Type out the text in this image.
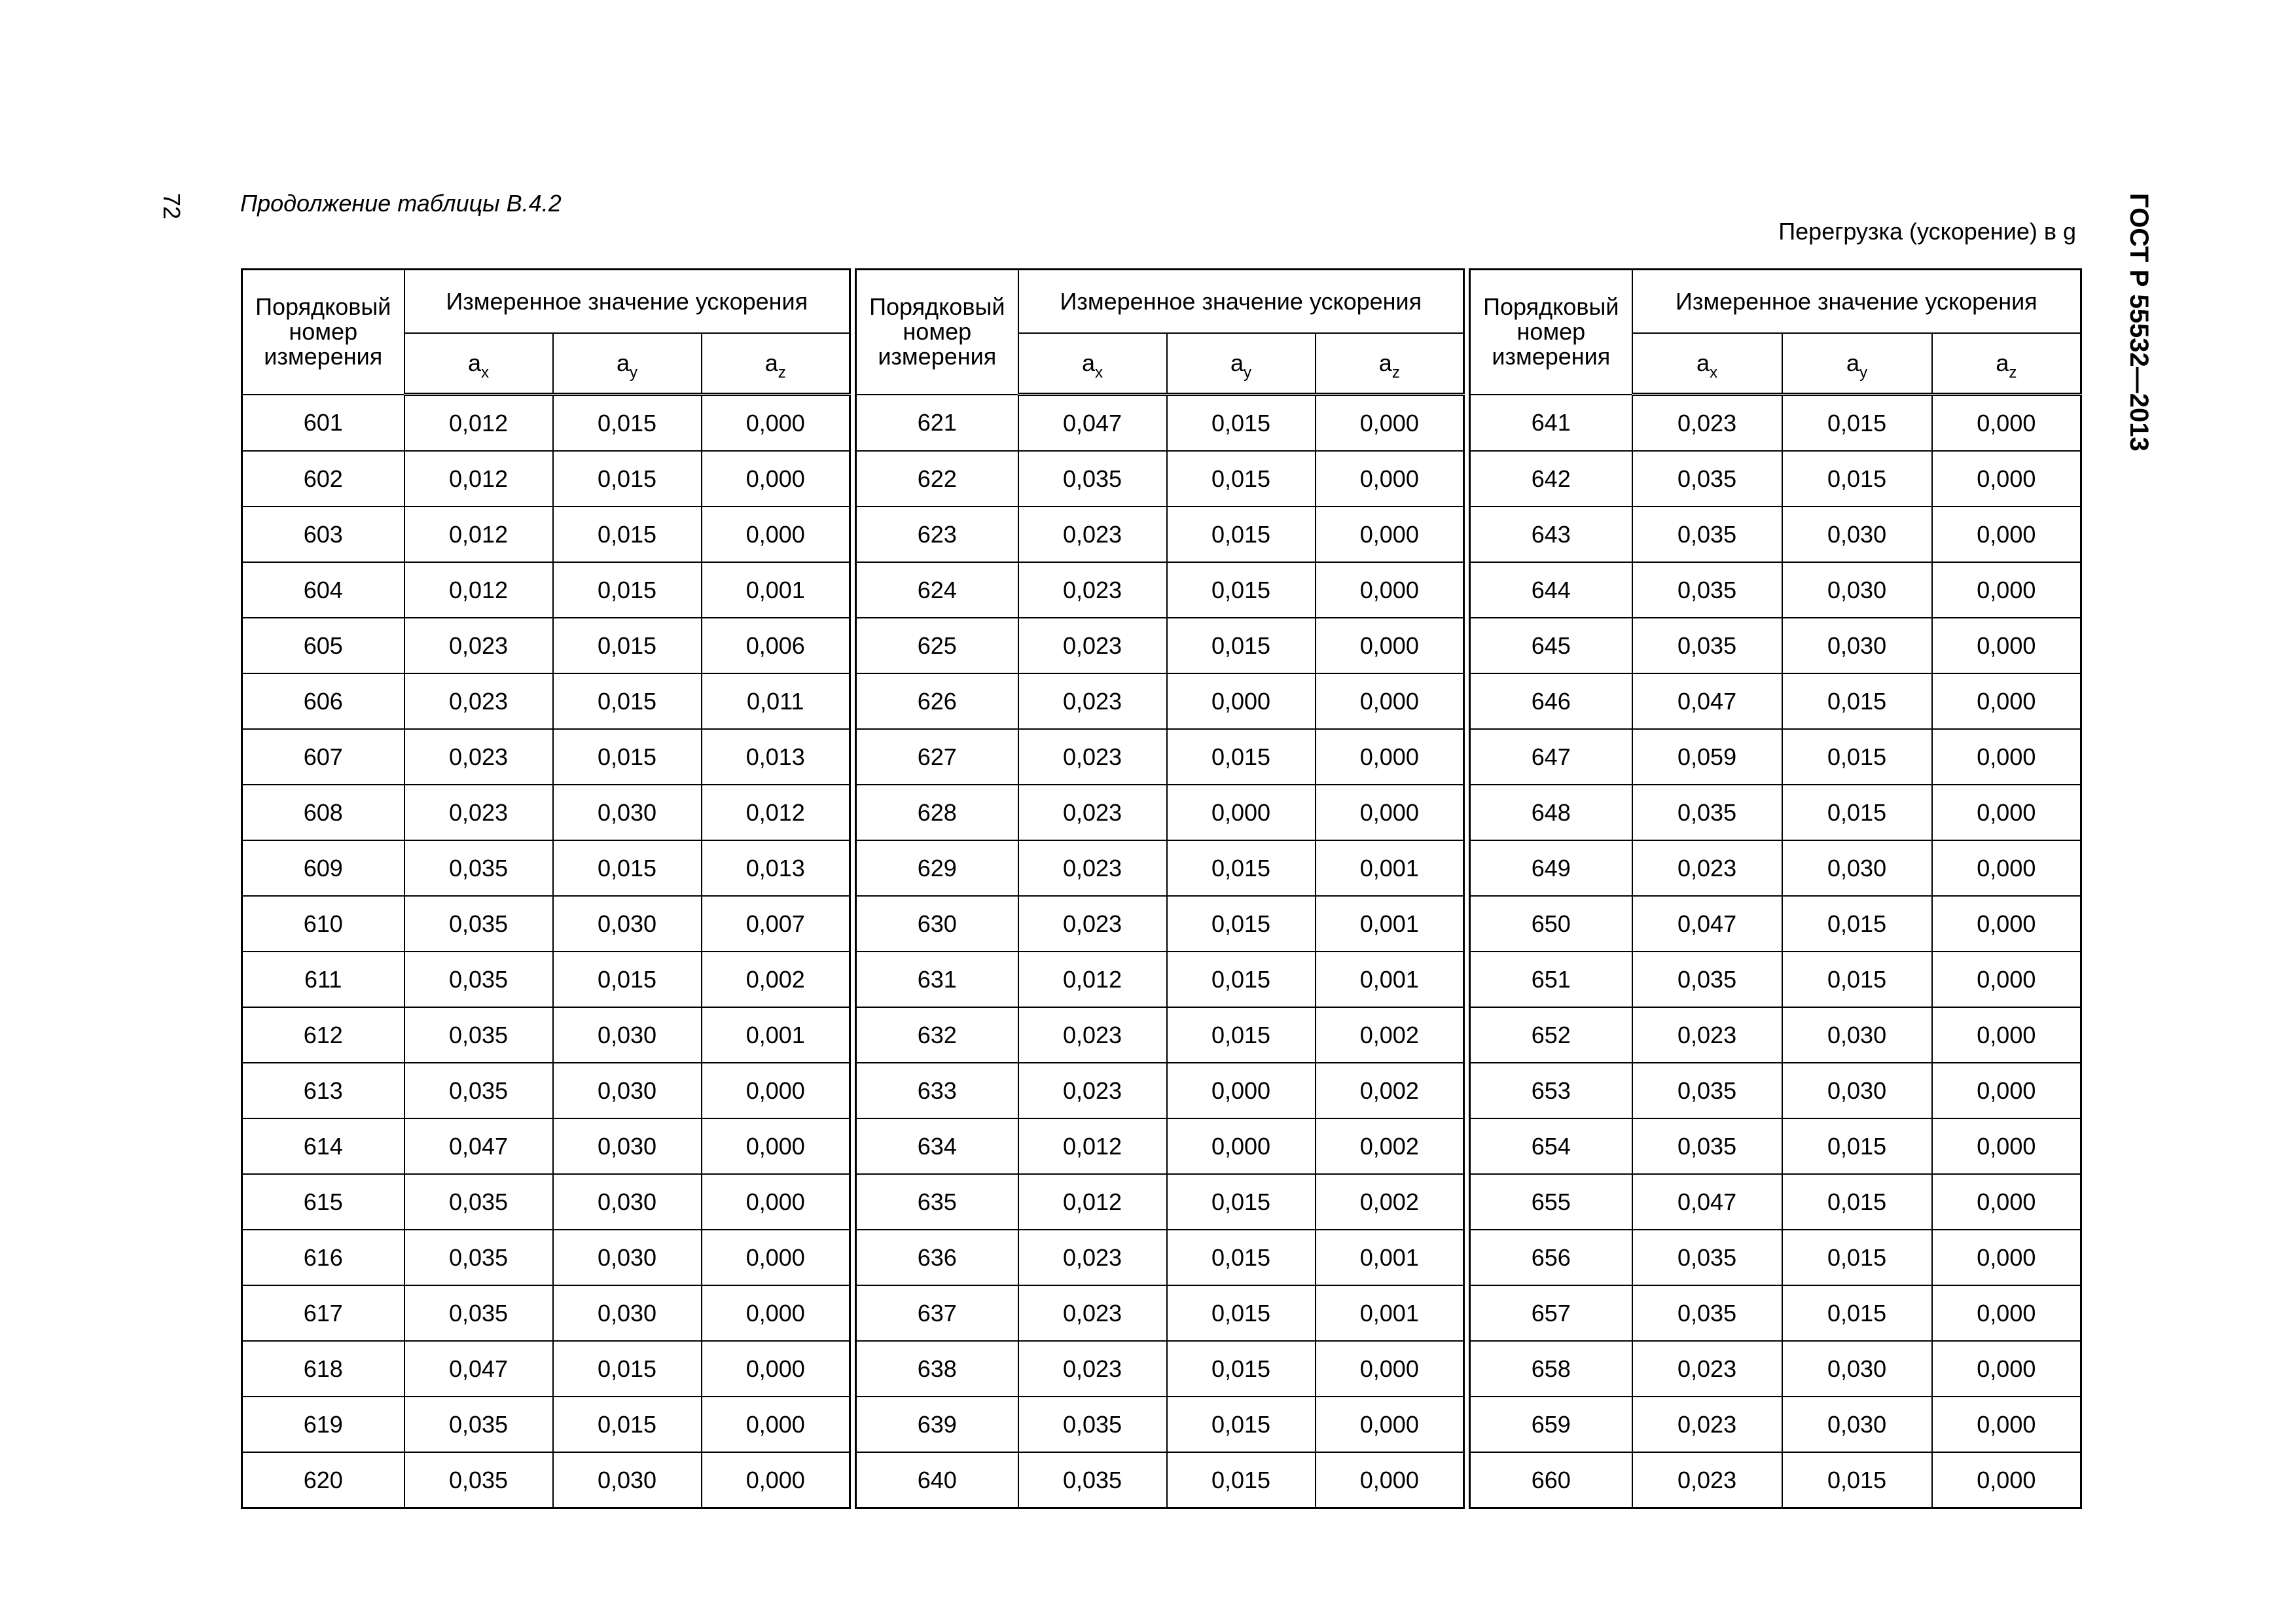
72 Продолжение таблицы В.4.2
Перегрузка (ускорение) в g ГОСТ Р 55532—2013
Порядковый номер измерения	Измеренное значение ускорения		
	$a_x$	$a_y$	$a_z$
601	0,012	0,015	0,000
602	0,012	0,015	0,000
603	0,012	0,015	0,000
604	0,012	0,015	0,001
605	0,023	0,015	0,006
606	0,023	0,015	0,011
607	0,023	0,015	0,013
608	0,023	0,030	0,012
609	0,035	0,015	0,013
610	0,035	0,030	0,007
611	0,035	0,015	0,002
612	0,035	0,030	0,001
613	0,035	0,030	0,000
614	0,047	0,030	0,000
615	0,035	0,030	0,000
616	0,035	0,030	0,000
617	0,035	0,030	0,000
618	0,047	0,015	0,000
619	0,035	0,015	0,000
620	0,035	0,030	0,000
Порядковый номер измерения	Измеренное значение ускорения		
	$a_x$	$a_y$	$a_z$
621	0,047	0,015	0,000
622	0,035	0,015	0,000
623	0,023	0,015	0,000
624	0,023	0,015	0,000
625	0,023	0,015	0,000
626	0,023	0,000	0,000
627	0,023	0,015	0,000
628	0,023	0,000	0,000
629	0,023	0,015	0,001
630	0,023	0,015	0,001
631	0,012	0,015	0,001
632	0,023	0,015	0,002
633	0,023	0,000	0,002
634	0,012	0,000	0,002
635	0,012	0,015	0,002
636	0,023	0,015	0,001
637	0,023	0,015	0,001
638	0,023	0,015	0,000
639	0,035	0,015	0,000
640	0,035	0,015	0,000
Порядковый номер измерения	Измеренное значение ускорения		
	$a_x$	$a_y$	$a_z$
641	0,023	0,015	0,000
642	0,035	0,015	0,000
643	0,035	0,030	0,000
644	0,035	0,030	0,000
645	0,035	0,030	0,000
646	0,047	0,015	0,000
647	0,059	0,015	0,000
648	0,035	0,015	0,000
649	0,023	0,030	0,000
650	0,047	0,015	0,000
651	0,035	0,015	0,000
652	0,023	0,030	0,000
653	0,035	0,030	0,000
654	0,035	0,015	0,000
655	0,047	0,015	0,000
656	0,035	0,015	0,000
657	0,035	0,015	0,000
658	0,023	0,030	0,000
659	0,023	0,030	0,000
660	0,023	0,015	0,000
